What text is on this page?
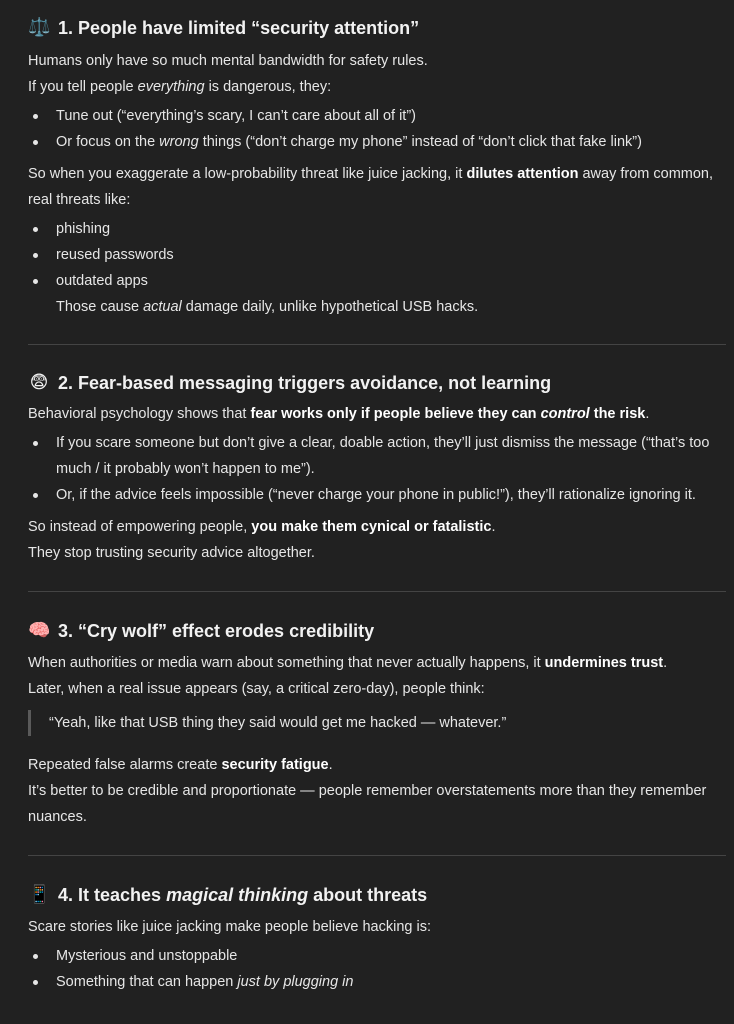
⚖️ 1. People have limited “security attention”

Humans only have so much mental bandwidth for safety rules.

If you tell people everything is dangerous, they:

Tune out (“everything’s scary, I can’t care about all of it”)
Or focus on the wrong things (“don’t charge my phone” instead of “don’t click that fake link”)

So when you exaggerate a low-probability threat like juice jacking, it dilutes attention away from common, real threats like:

phishing
reused passwords
outdated apps
Those cause actual damage daily, unlike hypothetical USB hacks.
😨 2. Fear-based messaging triggers avoidance, not learning

Behavioral psychology shows that fear works only if people believe they can control the risk.

If you scare someone but don’t give a clear, doable action, they’ll just dismiss the message (“that’s too much / it probably won’t happen to me”).
Or, if the advice feels impossible (“never charge your phone in public!”), they’ll rationalize ignoring it.

So instead of empowering people, you make them cynical or fatalistic.

They stop trusting security advice altogether.

🧠 3. “Cry wolf” effect erodes credibility

When authorities or media warn about something that never actually happens, it undermines trust.

Later, when a real issue appears (say, a critical zero-day), people think:

“Yeah, like that USB thing they said would get me hacked — whatever.”

Repeated false alarms create security fatigue.

It’s better to be credible and proportionate — people remember overstatements more than they remember nuances.

📱 4. It teaches magical thinking about threats

Scare stories like juice jacking make people believe hacking is:

Mysterious and unstoppable
Something that can happen just by plugging in
